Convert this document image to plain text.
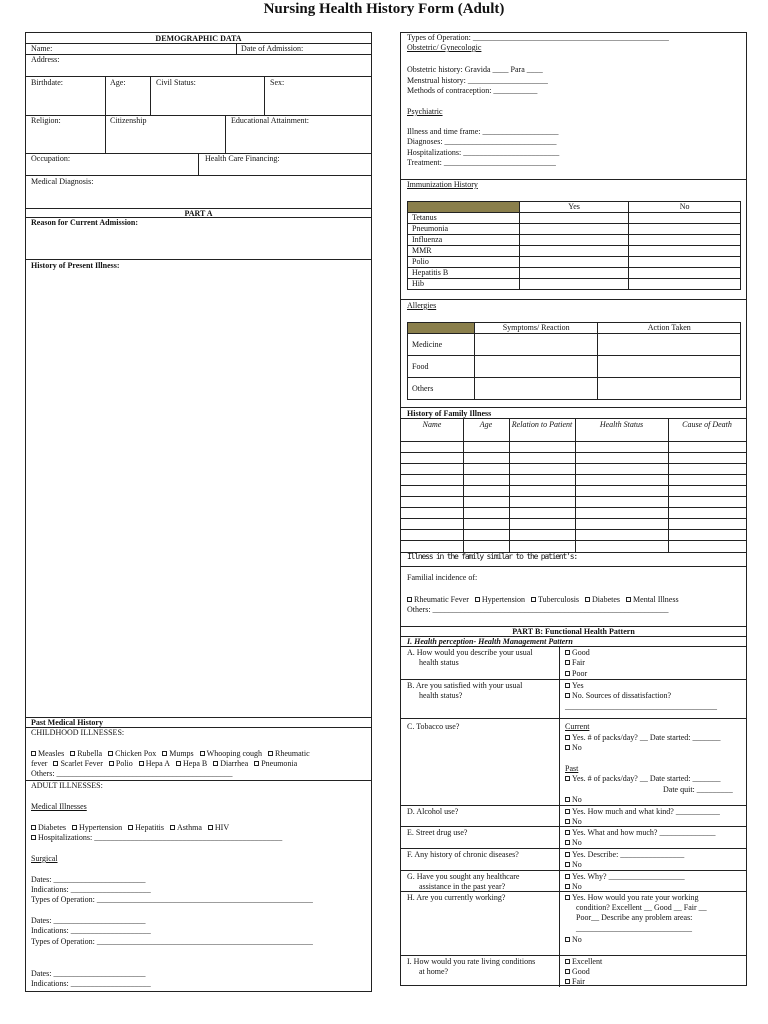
Nursing Health History Form (Adult)
DEMOGRAPHIC DATA
Name:	Date of Admission:
Address:
Birthdate:	Age:	Civil Status:	Sex:
Religion:	Citizenship	Educational Attainment:
Occupation:	Health Care Financing:
Medical Diagnosis:
PART A
Reason for Current Admission:
History of Present Illness:
Past Medical History
CHILDHOOD ILLNESSES:
Measles Rubella Chicken Pox Mumps Whooping cough Rheumatic
fever Scarlet Fever Polio Hepa A Hepa B Diarrhea Pneumonia
Others: ____________________________________________
ADULT ILLNESSES:
Medical Illnesses
Diabetes Hypertension Hepatitis Asthma HIV
Hospitalizations: _______________________________________________
Surgical
Dates: _______________________
Indications: ____________________
Types of Operation: ______________________________________________________
Dates: _______________________
Indications: ____________________
Types of Operation: ______________________________________________________
Dates: _______________________
Indications: ____________________
Types of Operation: _________________________________________________
Obstetric/ Gynecologic
Obstetric history: Gravida ____ Para ____
Menstrual history: ____________________
Methods of contraception: ___________
Psychiatric
Illness and time frame: ___________________
Diagnoses: ____________________________
Hospitalizations: ________________________
Treatment: ____________________________
Immunization History
	Yes	No
Tetanus		
Pneumonia		
Influenza		
MMR		
Polio		
Hepatitis B		
Hib		
Allergies
	Symptoms/ Reaction	Action Taken
Medicine		
Food		
Others		
History of Family Illness
Name	Age	Relation to Patient	Health Status	Cause of Death
Illness in the family similar to the patient's:
Familial incidence of:
Rheumatic Fever Hypertension Tuberculosis Diabetes Mental Illness
Others: ___________________________________________________________
PART B: Functional Health Pattern
I. Health perception- Health Management Pattern
A. How would you describe your usual
health status
Good
Fair
Poor
B. Are you satisfied with your usual
health status?
Yes
No. Sources of dissatisfaction?
______________________________________
C. Tobacco use?	Current
Yes. # of packs/day? __ Date started: _______
No
Past
Yes. # of packs/day? __ Date started: _______
Date quit: _________
No
D. Alcohol use?	Yes. How much and what kind? ___________
No
E. Street drug use?	Yes. What and how much? ______________
No
F. Any history of chronic diseases?	Yes. Describe: ________________
No
G. Have you sought any healthcare
assistance in the past year?
Yes. Why? ___________________
No
H. Are you currently working?	Yes. How would you rate your working
condition? Excellent __ Good __ Fair __
Poor__ Describe any problem areas:
_____________________________
No
I. How would you rate living conditions
at home?
Excellent
Good
Fair
